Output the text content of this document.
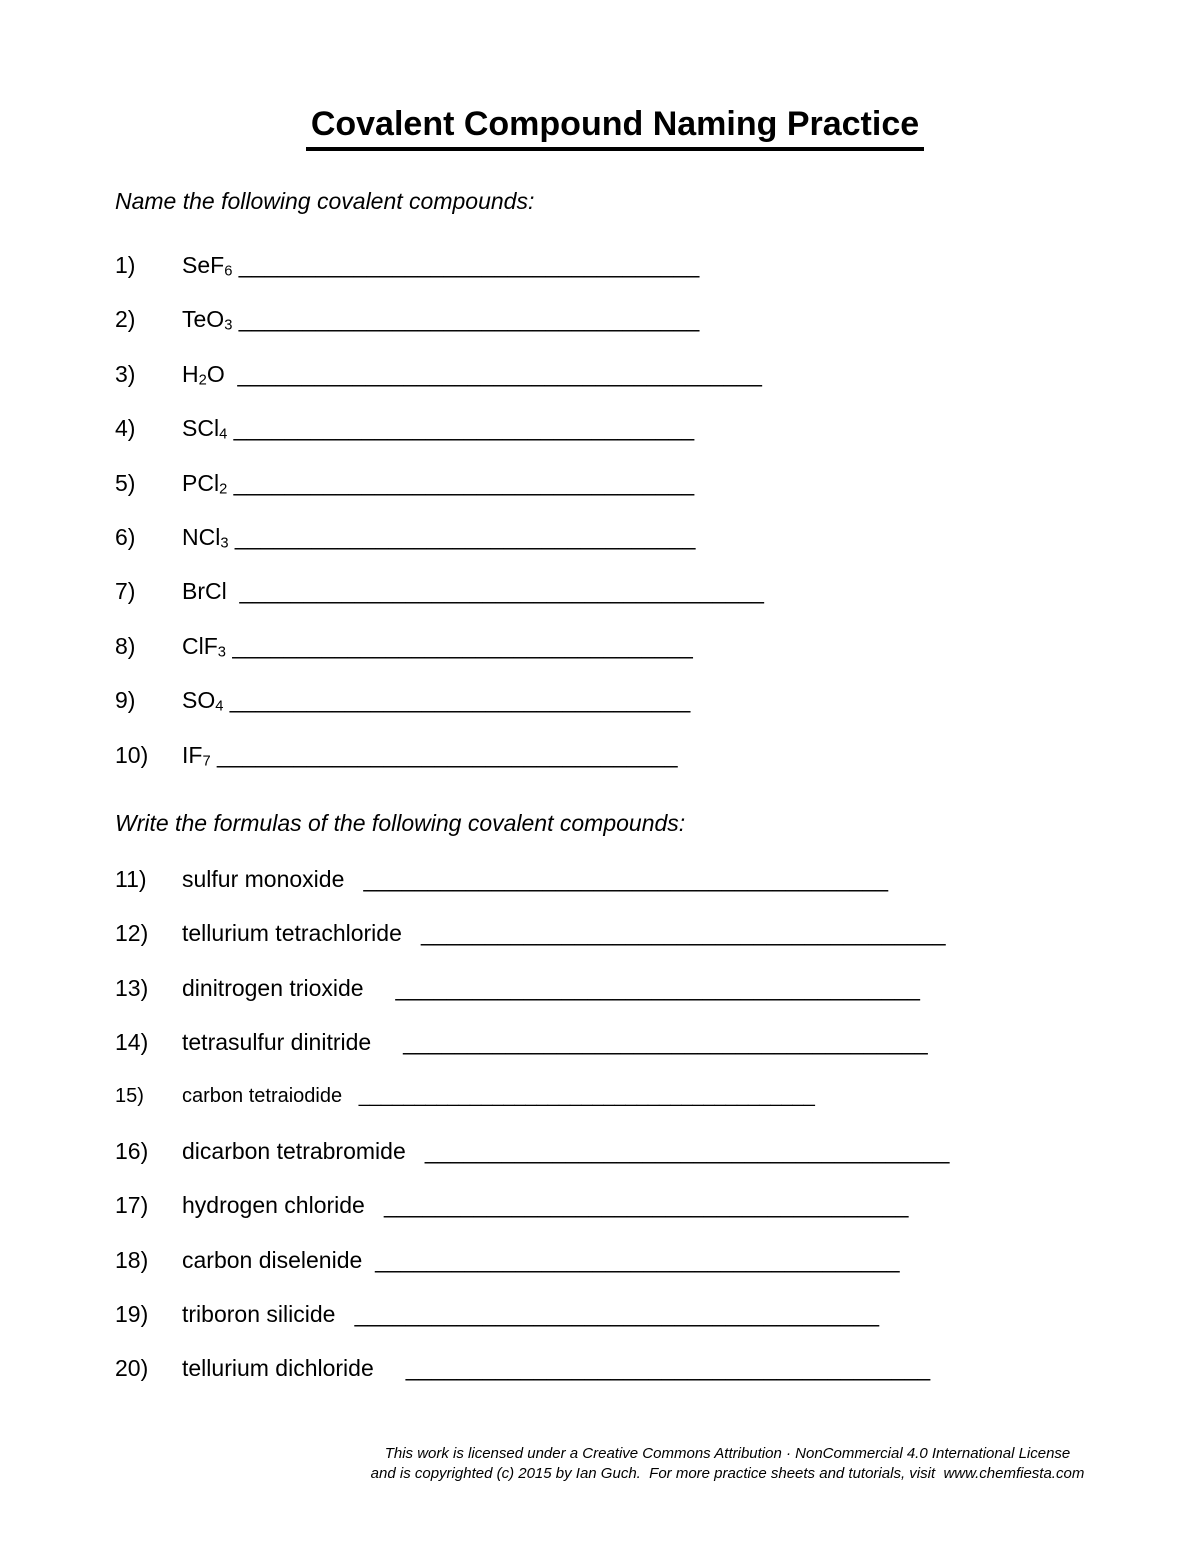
Covalent Compound Naming Practice

Name the following covalent compounds:

1)	SeF6 ____________________________________
2)	TeO3 ____________________________________
3)	H2O _________________________________________
4)	SCl4 ____________________________________
5)	PCl2 ____________________________________
6)	NCl3 ____________________________________
7)	BrCl _________________________________________
8)	ClF3 ____________________________________
9)	SO4 ____________________________________
10)	IF7 ____________________________________

Write the formulas of the following covalent compounds:

11)	sulfur monoxide _________________________________________
12)	tellurium tetrachloride _________________________________________
13)	dinitrogen trioxide _________________________________________
14)	tetrasulfur dinitride _________________________________________
15)	carbon tetraiodide _________________________________________
16)	dicarbon tetrabromide _________________________________________
17)	hydrogen chloride _________________________________________
18)	carbon diselenide _________________________________________
19)	triboron silicide _________________________________________
20)	tellurium dichloride _________________________________________
This work is licensed under a Creative Commons Attribution · NonCommercial 4.0 International License
and is copyrighted (c) 2015 by Ian Guch.  For more practice sheets and tutorials, visit  www.chemfiesta.com
